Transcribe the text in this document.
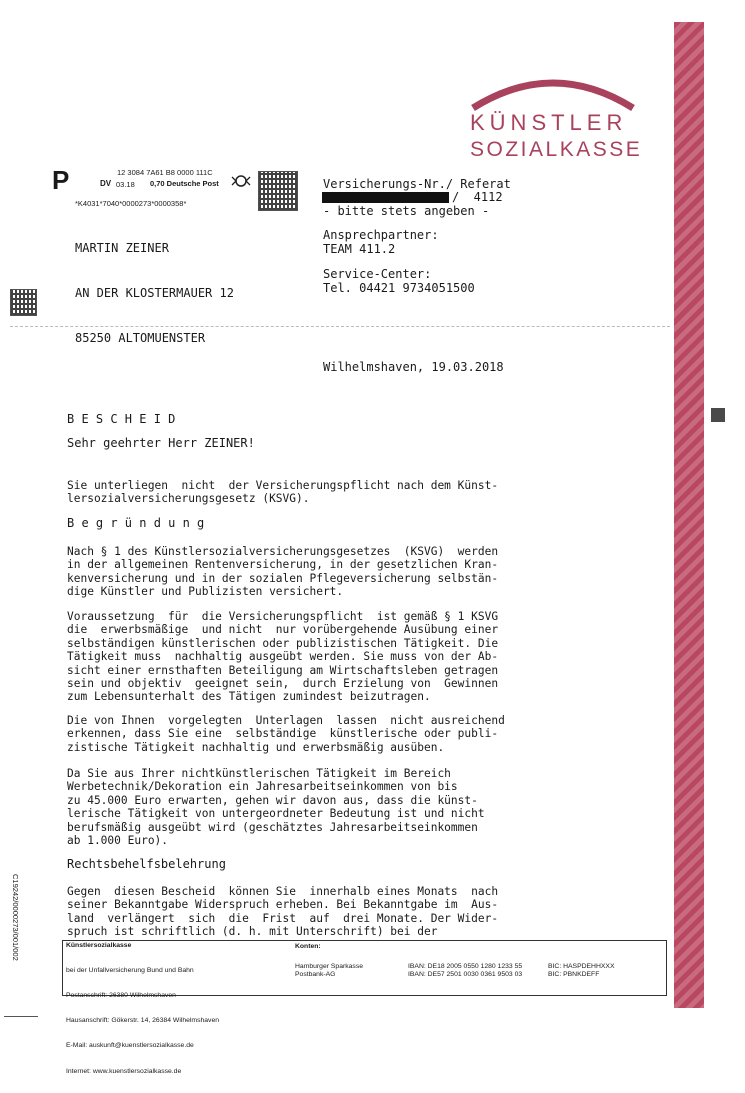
KÜNSTLER
SOZIALKASSE
P	12 3084 7A61 B8 0000 111C
DV 03.18 0,70 Deutsche Post
*K4031*7040*0000273*0000358*

MARTIN ZEINER

AN DER KLOSTERMAUER 12

85250 ALTOMUENSTER

Versicherungs-Nr./ Referat
/  4112
- bitte stets angeben -
Ansprechpartner:
TEAM 411.2
Service-Center:
Tel. 04421 9734051500
Wilhelmshaven, 19.03.2018
B E S C H E I D
Sehr geehrter Herr ZEINER!
Sie unterliegen  nicht  der Versicherungspflicht nach dem Künst-
lersozialversicherungsgesetz (KSVG).
B e g r ü n d u n g
Nach § 1 des Künstlersozialversicherungsgesetzes  (KSVG)  werden
in der allgemeinen Rentenversicherung, in der gesetzlichen Kran-
kenversicherung und in der sozialen Pflegeversicherung selbstän-
dige Künstler und Publizisten versichert.
Voraussetzung  für  die Versicherungspflicht  ist gemäß § 1 KSVG
die  erwerbsmäßige  und nicht  nur vorübergehende Ausübung einer
selbständigen künstlerischen oder publizistischen Tätigkeit. Die
Tätigkeit muss  nachhaltig ausgeübt werden. Sie muss von der Ab-
sicht einer ernsthaften Beteiligung am Wirtschaftsleben getragen
sein und objektiv  geeignet sein,  durch Erzielung von  Gewinnen
zum Lebensunterhalt des Tätigen zumindest beizutragen.
Die von Ihnen  vorgelegten  Unterlagen  lassen  nicht ausreichend
erkennen, dass Sie eine  selbständige  künstlerische oder publi-
zistische Tätigkeit nachhaltig und erwerbsmäßig ausüben.
Da Sie aus Ihrer nichtkünstlerischen Tätigkeit im Bereich
Werbetechnik/Dekoration ein Jahresarbeitseinkommen von bis
zu 45.000 Euro erwarten, gehen wir davon aus, dass die künst-
lerische Tätigkeit von untergeordneter Bedeutung ist und nicht
berufsmäßig ausgeübt wird (geschätztes Jahresarbeitseinkommen
ab 1.000 Euro).
Rechtsbehelfsbelehrung
Gegen  diesen Bescheid  können Sie  innerhalb eines Monats  nach
seiner Bekanntgabe Widerspruch erheben. Bei Bekanntgabe im  Aus-
land  verlängert  sich  die  Frist  auf  drei Monate. Der Wider-
spruch ist schriftlich (d. h. mit Unterschrift) bei der
C19242/0000273/001/002	Künstlersozialkasse

bei der Unfallversicherung Bund und Bahn

Postanschrift: 26380 Wilhelmshaven

Hausanschrift: Gökerstr. 14, 26384 Wilhelmshaven

E-Mail: auskunft@kuenstlersozialkasse.de

Internet: www.kuenstlersozialkasse.de

Konten:
Hamburger Sparkasse	IBAN: DE18 2005 0550 1280 1233 55	BIC: HASPDEHHXXX
Postbank-AG	IBAN: DE57 2501 0030 0361 9503 03	BIC: PBNKDEFF
